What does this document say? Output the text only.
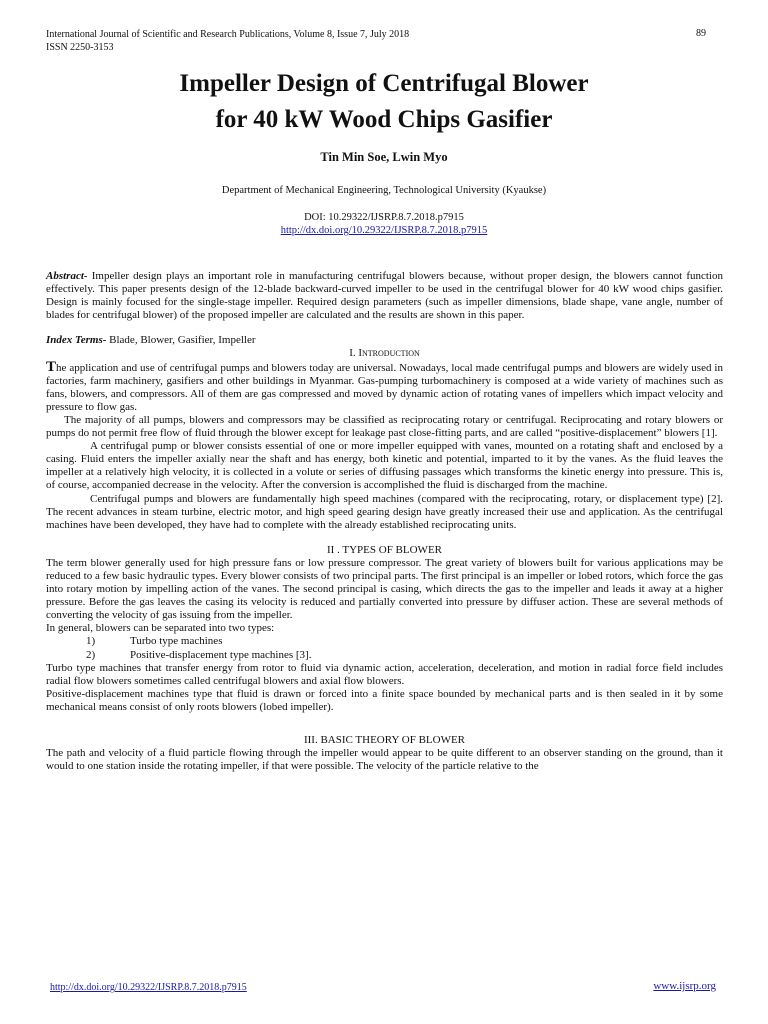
International Journal of Scientific and Research Publications, Volume 8, Issue 7, July 2018
ISSN 2250-3153
89
Impeller Design of Centrifugal Blower
for 40 kW Wood Chips Gasifier
Tin Min Soe, Lwin Myo
Department of Mechanical Engineering, Technological University (Kyaukse)
DOI: 10.29322/IJSRP.8.7.2018.p7915
http://dx.doi.org/10.29322/IJSRP.8.7.2018.p7915

Abstract- Impeller design plays an important role in manufacturing centrifugal blowers because, without proper design, the blowers cannot function effectively. This paper presents design of the 12-blade backward-curved impeller to be used in the centrifugal blower for 40 kW wood chips gasifier. Design is mainly focused for the single-stage impeller. Required design parameters (such as impeller dimensions, blade shape, vane angle, number of blades for centrifugal blower) of the proposed impeller are calculated and the results are shown in this paper.

Index Terms- Blade, Blower, Gasifier, Impeller

I. Introduction

The application and use of centrifugal pumps and blowers today are universal. Nowadays, local made centrifugal pumps and blowers are widely used in factories, farm machinery, gasifiers and other buildings in Myanmar. Gas-pumping turbomachinery is composed at a wide variety of machines such as fans, blowers, and compressors. All of them are gas compressed and moved by dynamic action of rotating vanes of impellers which impact velocity and pressure to flow gas.

The majority of all pumps, blowers and compressors may be classified as reciprocating rotary or centrifugal. Reciprocating and rotary blowers or pumps do not permit free flow of fluid through the blower except for leakage past close-fitting parts, and are called “positive-displacement” blowers [1].

A centrifugal pump or blower consists essential of one or more impeller equipped with vanes, mounted on a rotating shaft and enclosed by a casing. Fluid enters the impeller axially near the shaft and has energy, both kinetic and potential, imparted to it by the vanes. As the fluid leaves the impeller at a relatively high velocity, it is collected in a volute or series of diffusing passages which transforms the kinetic energy into pressure. This is, of course, accompanied decrease in the velocity. After the conversion is accomplished the fluid is discharged from the machine.

Centrifugal pumps and blowers are fundamentally high speed machines (compared with the reciprocating, rotary, or displacement type) [2]. The recent advances in steam turbine, electric motor, and high speed gearing design have greatly increased their use and application. As the centrifugal machines have been developed, they have had to complete with the already established reciprocating units.

II . TYPES OF BLOWER

The term blower generally used for high pressure fans or low pressure compressor. The great variety of blowers built for various applications may be reduced to a few basic hydraulic types. Every blower consists of two principal parts. The first principal is an impeller or lobed rotors, which force the gas into rotary motion by impelling action of the vanes. The second principal is casing, which directs the gas to the impeller and leads it away at a higher pressure. Before the gas leaves the casing its velocity is reduced and partially converted into pressure by diffuser action. These are several methods of converting the velocity of gas issuing from the impeller.

In general, blowers can be separated into two types:

1)	Turbo type machines

2)	Positive-displacement type machines [3].

Turbo type machines that transfer energy from rotor to fluid via dynamic action, acceleration, deceleration, and motion in radial force field includes radial flow blowers sometimes called centrifugal blowers and axial flow blowers.

Positive-displacement machines type that fluid is drawn or forced into a finite space bounded by mechanical parts and is then sealed in it by some mechanical means consist of only roots blowers (lobed impeller).

III. BASIC THEORY OF BLOWER

The path and velocity of a fluid particle flowing through the impeller would appear to be quite different to an observer standing on the ground, than it would to one station inside the rotating impeller, if that were possible. The velocity of the particle relative to the

http://dx.doi.org/10.29322/IJSRP.8.7.2018.p7915	www.ijsrp.org
